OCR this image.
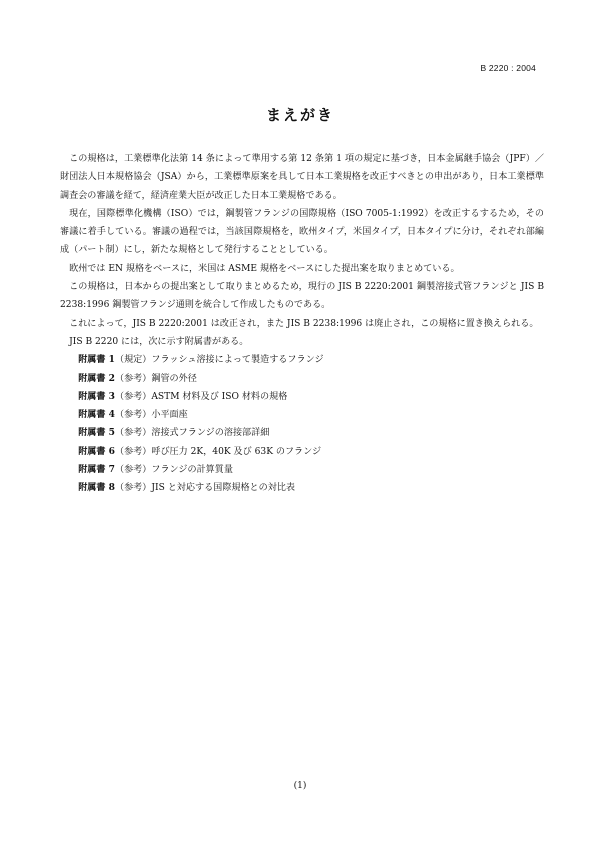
B 2220 : 2004
まえがき

この規格は，工業標準化法第 14 条によって準用する第 12 条第 1 項の規定に基づき，日本金属継手協会（JPF）／財団法人日本規格協会（JSA）から，工業標準原案を具して日本工業規格を改正すべきとの申出があり，日本工業標準調査会の審議を経て，経済産業大臣が改正した日本工業規格である。

現在，国際標準化機構（ISO）では，鋼製管フランジの国際規格（ISO 7005-1:1992）を改正するするため，その審議に着手している。審議の過程では，当該国際規格を，欧州タイプ，米国タイプ，日本タイプに分け，それぞれ部編成（パート制）にし，新たな規格として発行することとしている。

欧州では EN 規格をベースに，米国は ASME 規格をベースにした提出案を取りまとめている。

この規格は，日本からの提出案として取りまとめるため，現行の JIS B 2220:2001 鋼製溶接式管フランジと JIS B 2238:1996 鋼製管フランジ通則を統合して作成したものである。

これによって，JIS B 2220:2001 は改正され，また JIS B 2238:1996 は廃止され，この規格に置き換えられる。

JIS B 2220 には，次に示す附属書がある。

附属書 1（規定）フラッシュ溶接によって製造するフランジ
附属書 2（参考）鋼管の外径
附属書 3（参考）ASTM 材料及び ISO 材料の規格
附属書 4（参考）小平面座
附属書 5（参考）溶接式フランジの溶接部詳細
附属書 6（参考）呼び圧力 2K，40K 及び 63K のフランジ
附属書 7（参考）フランジの計算質量
附属書 8（参考）JIS と対応する国際規格との対比表
(1)
